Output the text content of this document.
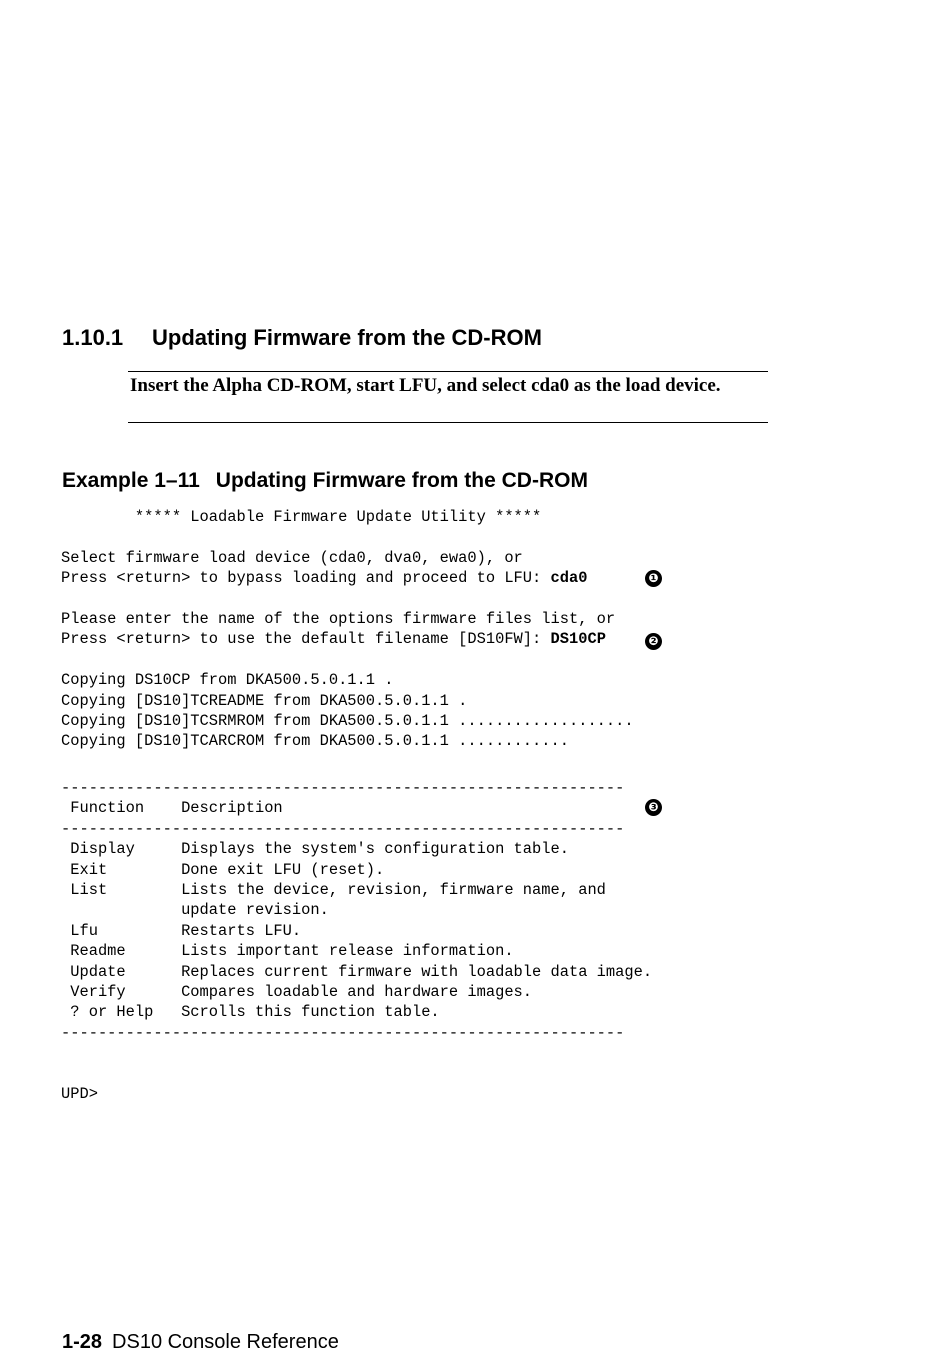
1.10.1 Updating Firmware from the CD-ROM
Insert the Alpha CD-ROM, start LFU, and select cda0 as the load device.
Example 1–11 Updating Firmware from the CD-ROM
***** Loadable Firmware Update Utility *****

Select firmware load device (cda0, dva0, ewa0), or
Press <return> to bypass loading and proceed to LFU: cda0

Please enter the name of the options firmware files list, or
Press <return> to use the default filename [DS10FW]: DS10CP

Copying DS10CP from DKA500.5.0.1.1 .
Copying [DS10]TCREADME from DKA500.5.0.1.1 .
Copying [DS10]TCSRMROM from DKA500.5.0.1.1 ...................
Copying [DS10]TCARCROM from DKA500.5.0.1.1 ............
-------------------------------------------------------------
Function    Description
-------------------------------------------------------------
Display     Displays the system's configuration table.
Exit        Done exit LFU (reset).
List        Lists the device, revision, firmware name, and
update revision.
Lfu         Restarts LFU.
Readme      Lists important release information.
Update      Replaces current firmware with loadable data image.
Verify      Compares loadable and hardware images.
? or Help   Scrolls this function table.
-------------------------------------------------------------

UPD>
❶
❷
❸
1-28 DS10 Console Reference
